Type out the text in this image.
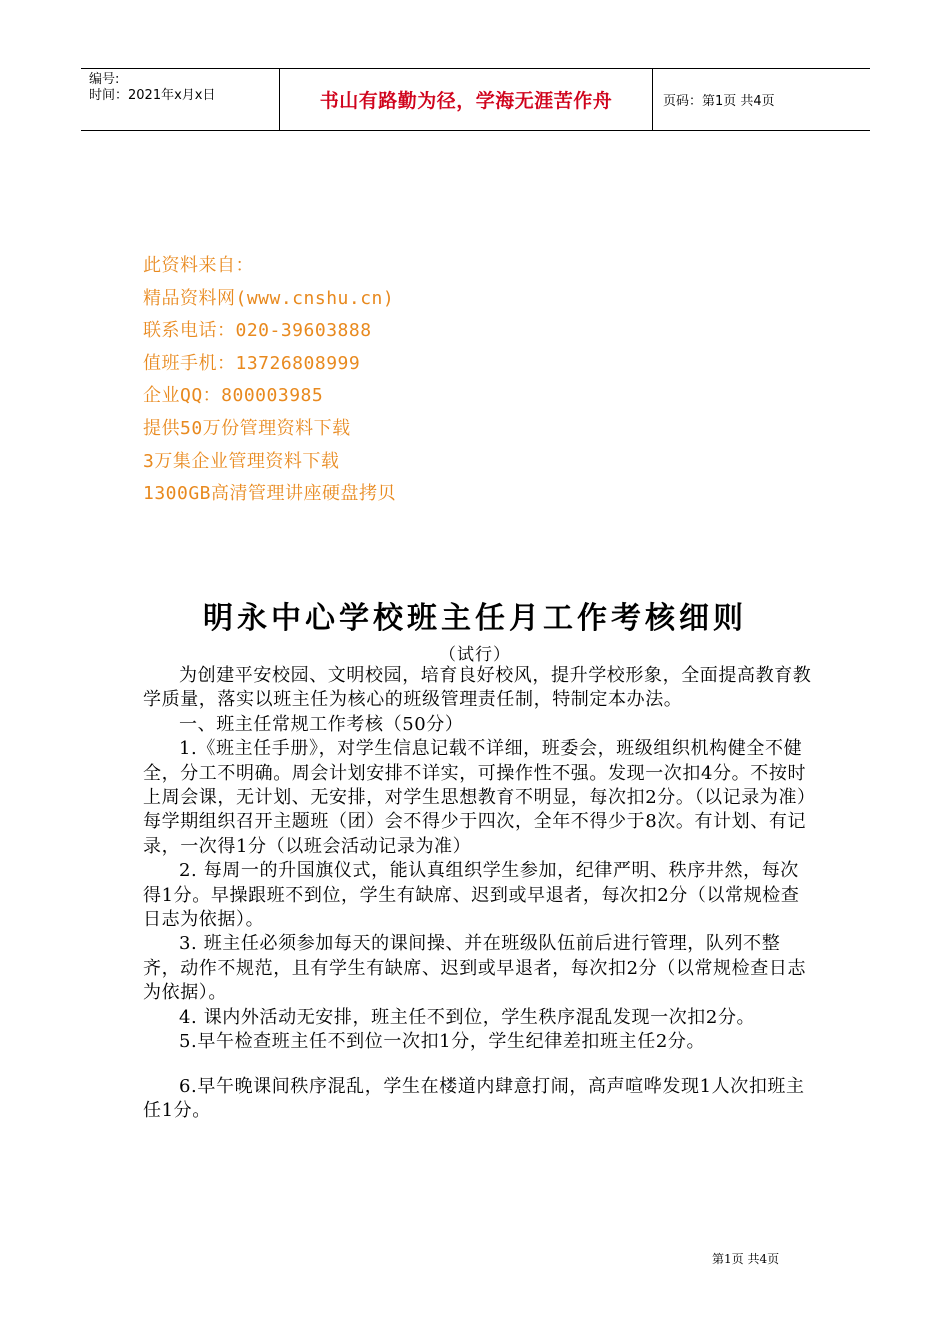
编号:
时间：2021年x月x日	书山有路勤为径，学海无涯苦作舟	页码：第1页 共4页
此资料来自：
精品资料网(www.cnshu.cn)
联系电话：020-39603888
值班手机：13726808999
企业QQ：800003985
提供50万份管理资料下载
3万集企业管理资料下载
1300GB高清管理讲座硬盘拷贝
明永中心学校班主任月工作考核细则
（试行）

为创建平安校园、文明校园，培育良好校风，提升学校形象，全面提高教育教学质量，落实以班主任为核心的班级管理责任制，特制定本办法。

一、班主任常规工作考核（50分）

1.《班主任手册》，对学生信息记载不详细，班委会，班级组织机构健全不健全，分工不明确。周会计划安排不详实，可操作性不强。发现一次扣4分。不按时上周会课，无计划、无安排，对学生思想教育不明显，每次扣2分。（以记录为准）每学期组织召开主题班（团）会不得少于四次，全年不得少于8次。有计划、有记录，一次得1分（以班会活动记录为准）

2. 每周一的升国旗仪式，能认真组织学生参加，纪律严明、秩序井然，每次得1分。早操跟班不到位，学生有缺席、迟到或早退者，每次扣2分（以常规检查日志为依据）。

3. 班主任必须参加每天的课间操、并在班级队伍前后进行管理，队列不整齐，动作不规范，且有学生有缺席、迟到或早退者，每次扣2分（以常规检查日志为依据）。

4. 课内外活动无安排，班主任不到位，学生秩序混乱发现一次扣2分。

5.早午检查班主任不到位一次扣1分，学生纪律差扣班主任2分。

6.早午晚课间秩序混乱，学生在楼道内肆意打闹，高声喧哗发现1人次扣班主任1分。

第1页 共4页
